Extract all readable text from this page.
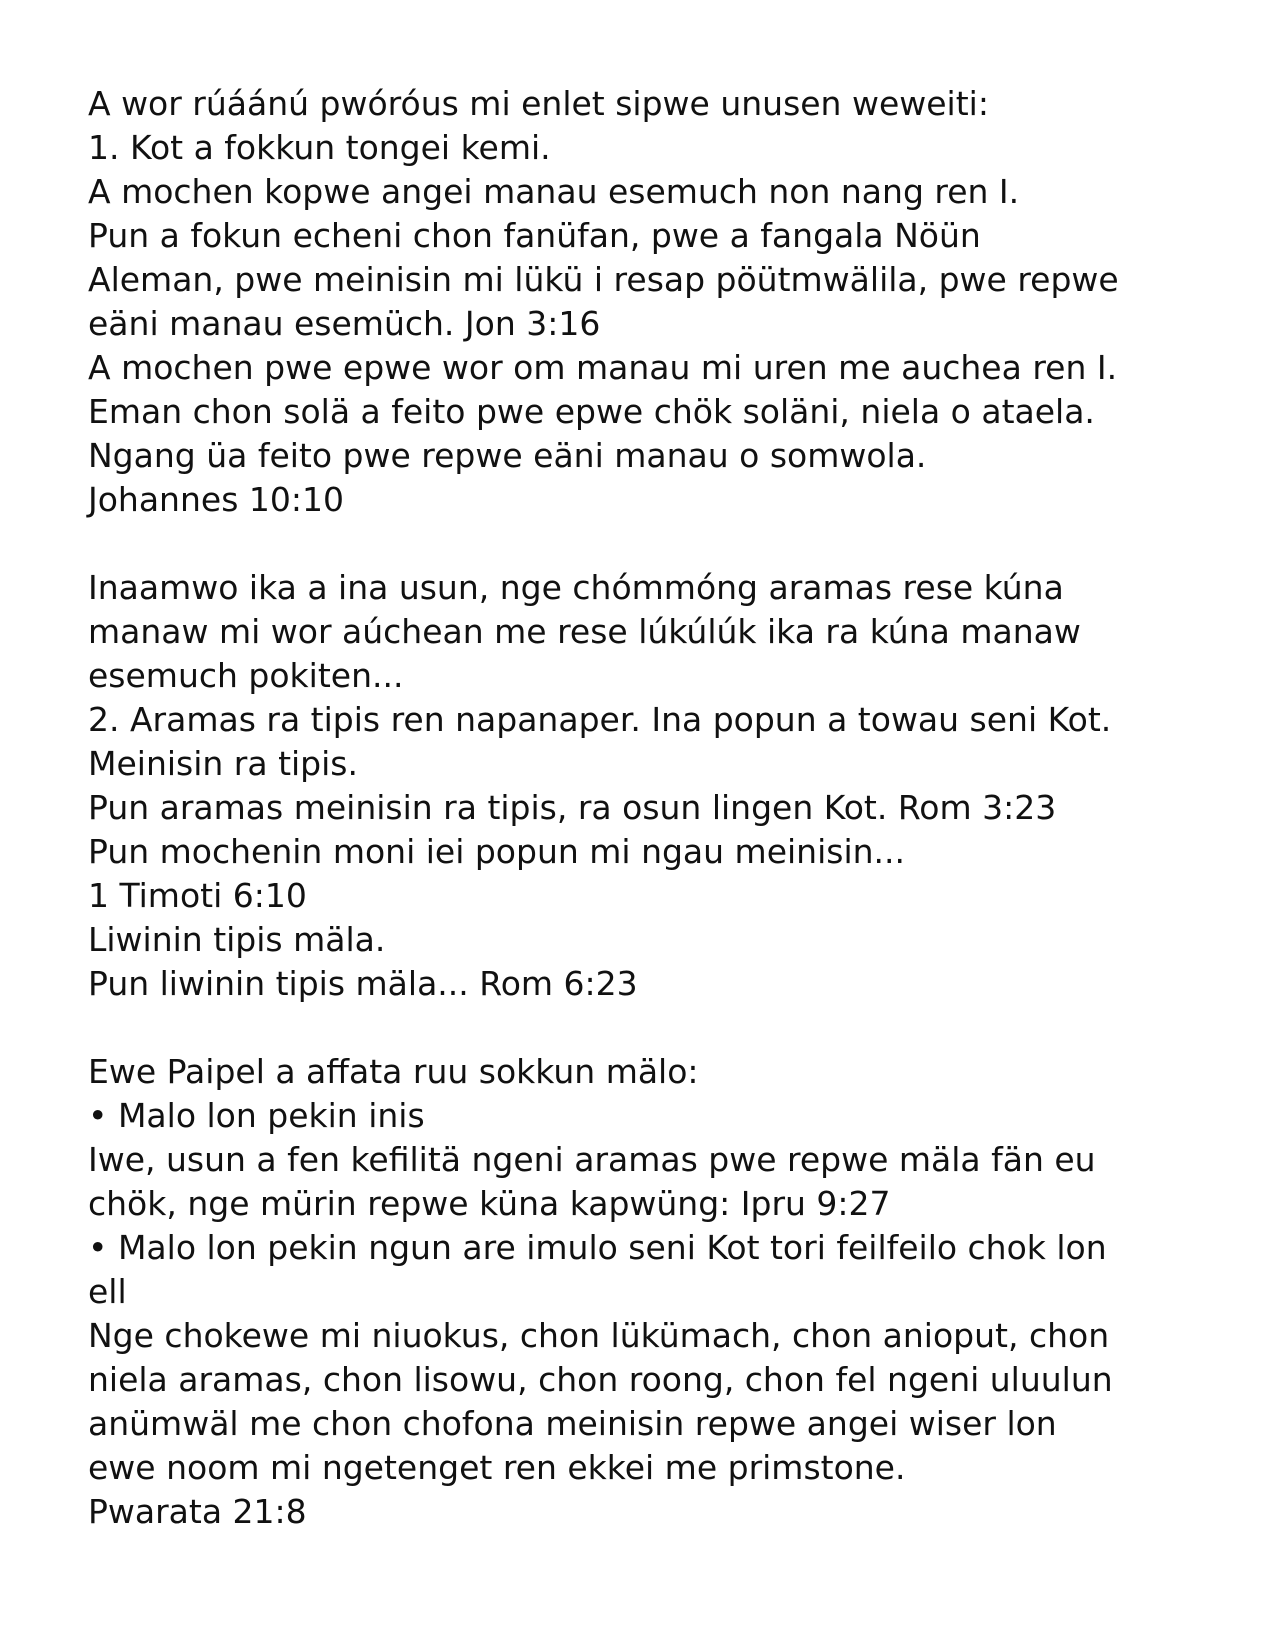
A wor rúáánú pwóróus mi enlet sipwe unusen weweiti:
1. Kot a fokkun tongei kemi.
A mochen kopwe angei manau esemuch non nang ren I.
Pun a fokun echeni chon fanüfan, pwe a fangala Nöün
Aleman, pwe meinisin mi lükü i resap pöütmwälila, pwe repwe
eäni manau esemüch. Jon 3:16
A mochen pwe epwe wor om manau mi uren me auchea ren I.
Eman chon solä a feito pwe epwe chök soläni, niela o ataela.
Ngang üa feito pwe repwe eäni manau o somwola.
Johannes 10:10
Inaamwo ika a ina usun, nge chómmóng aramas rese kúna
manaw mi wor aúchean me rese lúkúlúk ika ra kúna manaw
esemuch pokiten...
2. Aramas ra tipis ren napanaper. Ina popun a towau seni Kot.
Meinisin ra tipis.
Pun aramas meinisin ra tipis, ra osun lingen Kot. Rom 3:23
Pun mochenin moni iei popun mi ngau meinisin...
1 Timoti 6:10
Liwinin tipis mäla.
Pun liwinin tipis mäla... Rom 6:23
Ewe Paipel a affata ruu sokkun mälo:
• Malo lon pekin inis
Iwe, usun a fen kefilitä ngeni aramas pwe repwe mäla fän eu
chök, nge mürin repwe küna kapwüng: Ipru 9:27
• Malo lon pekin ngun are imulo seni Kot tori feilfeilo chok lon
ell
Nge chokewe mi niuokus, chon lükümach, chon anioput, chon
niela aramas, chon lisowu, chon roong, chon fel ngeni uluulun
anümwäl me chon chofona meinisin repwe angei wiser lon
ewe noom mi ngetenget ren ekkei me primstone.
Pwarata 21:8
